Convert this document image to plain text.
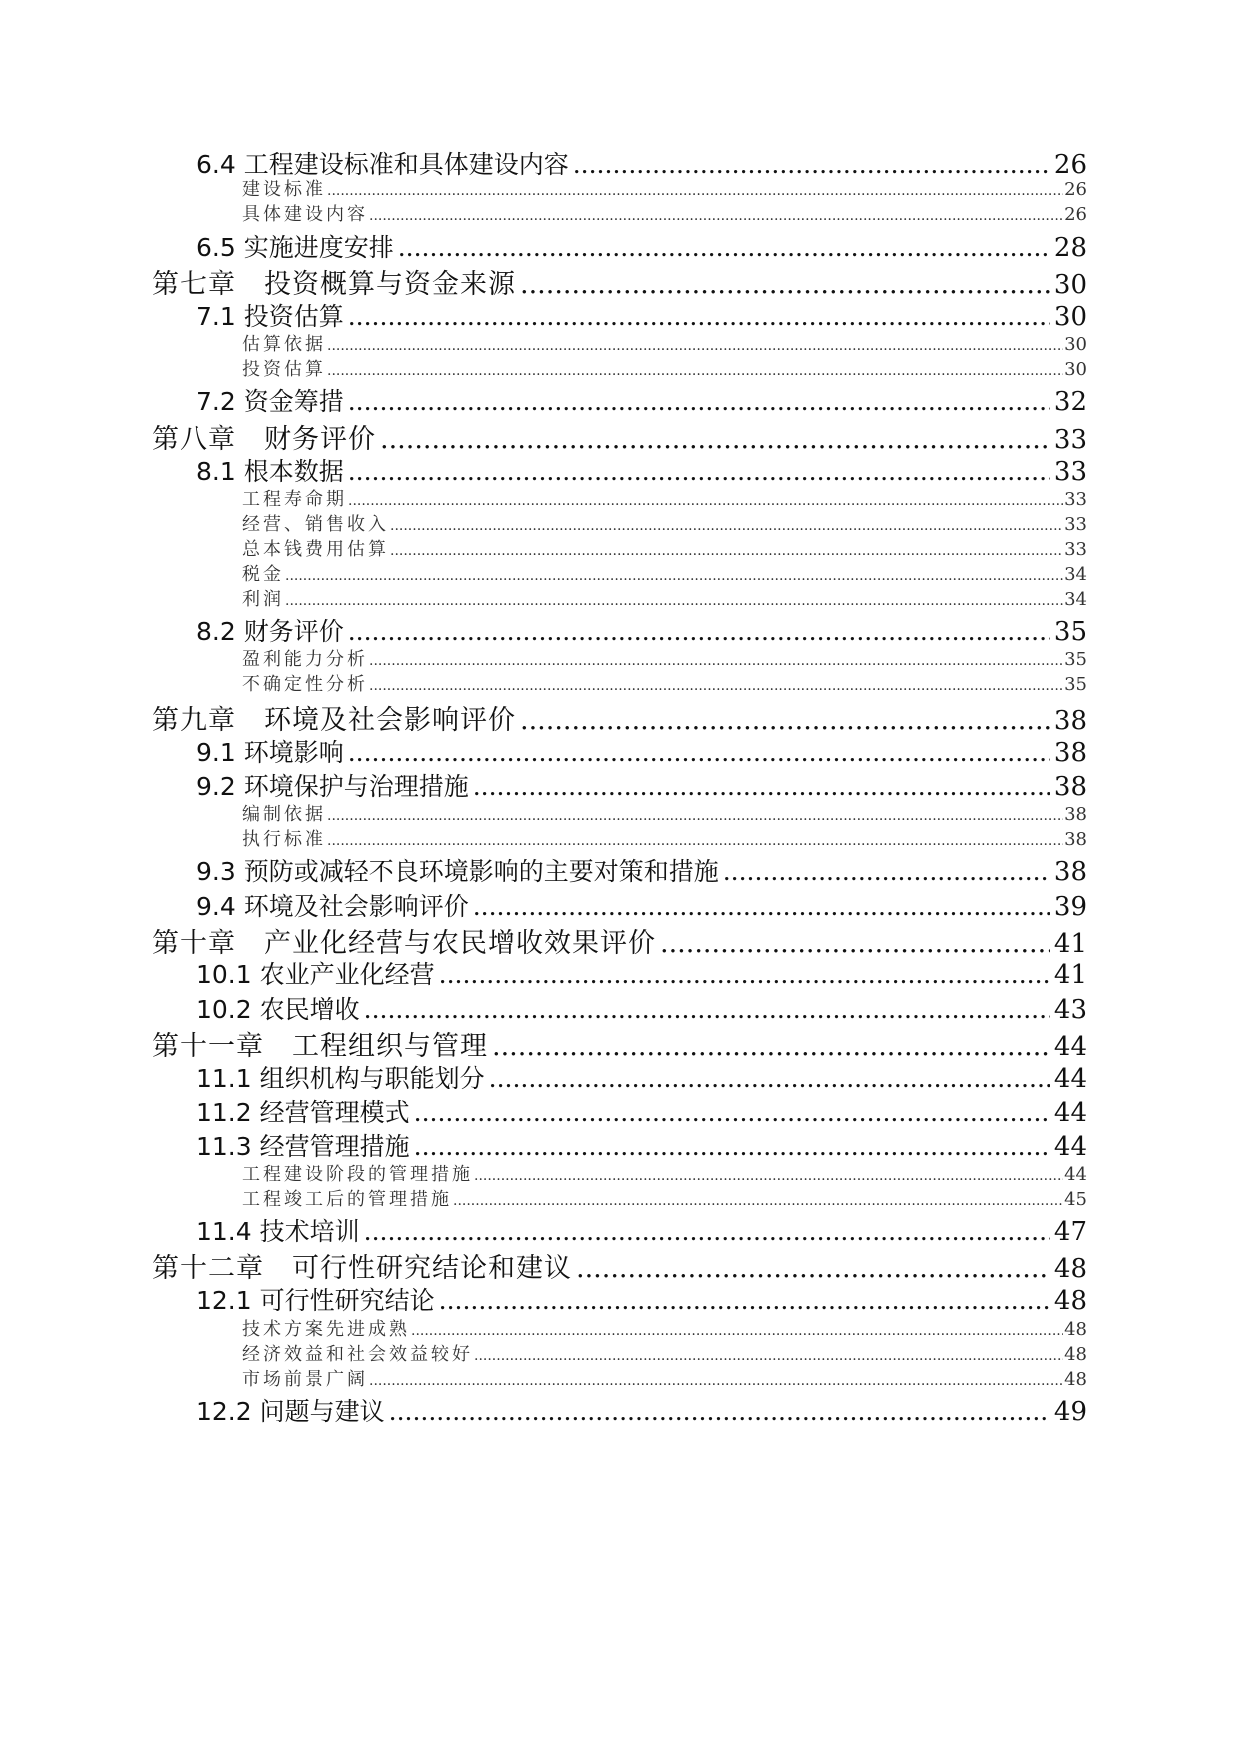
6.4 工程建设标准和具体建设内容 .....	26
建设标准 .....	26
具体建设内容 .....	26
6.5 实施进度安排 .....	28
第七章　投资概算与资金来源 .....	30
7.1 投资估算 .....	30
估算依据 .....	30
投资估算 .....	30
7.2 资金筹措 .....	32
第八章　财务评价 .....	33
8.1 根本数据 .....	33
工程寿命期 .....	33
经营、销售收入 .....	33
总本钱费用估算 .....	33
税金 .....	34
利润 .....	34
8.2 财务评价 .....	35
盈利能力分析 .....	35
不确定性分析 .....	35
第九章　环境及社会影响评价 .....	38
9.1 环境影响 .....	38
9.2 环境保护与治理措施 .....	38
编制依据 .....	38
执行标准 .....	38
9.3 预防或减轻不良环境影响的主要对策和措施 .....	38
9.4 环境及社会影响评价 .....	39
第十章　产业化经营与农民增收效果评价 .....	41
10.1 农业产业化经营 .....	41
10.2 农民增收 .....	43
第十一章　工程组织与管理 .....	44
11.1 组织机构与职能划分 .....	44
11.2 经营管理模式 .....	44
11.3 经营管理措施 .....	44
工程建设阶段的管理措施 .....	44
工程竣工后的管理措施 .....	45
11.4 技术培训 .....	47
第十二章　可行性研究结论和建议 .....	48
12.1 可行性研究结论 .....	48
技术方案先进成熟 .....	48
经济效益和社会效益较好 .....	48
市场前景广阔 .....	48
12.2 问题与建议 .....	49
